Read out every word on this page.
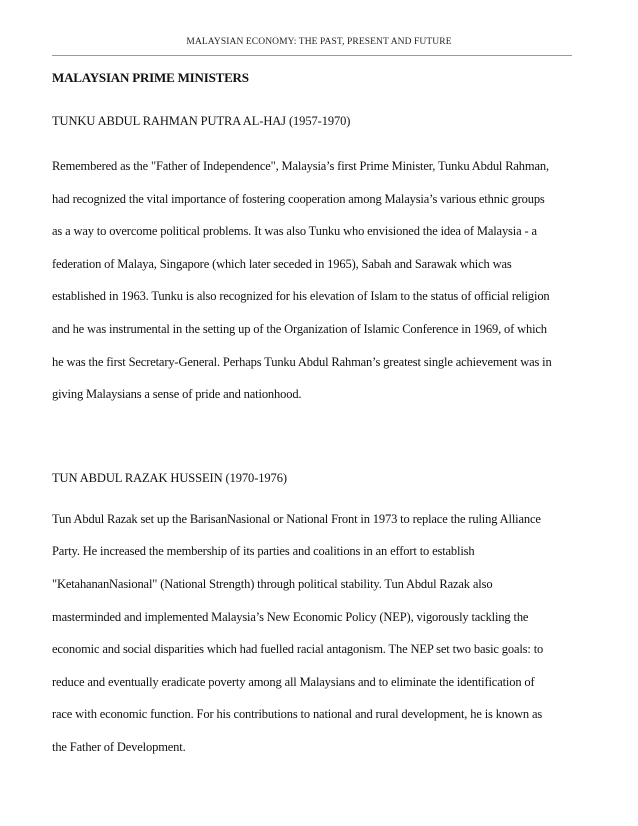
MALAYSIAN ECONOMY: THE PAST, PRESENT AND FUTURE
MALAYSIAN PRIME MINISTERS
TUNKU ABDUL RAHMAN PUTRA AL-HAJ (1957-1970)

Remembered as the "Father of Independence", Malaysia’s first Prime Minister, Tunku Abdul Rahman,
had recognized the vital importance of fostering cooperation among Malaysia’s various ethnic groups
as a way to overcome political problems. It was also Tunku who envisioned the idea of Malaysia - a
federation of Malaya, Singapore (which later seceded in 1965), Sabah and Sarawak which was
established in 1963. Tunku is also recognized for his elevation of Islam to the status of official religion
and he was instrumental in the setting up of the Organization of Islamic Conference in 1969, of which
he was the first Secretary-General. Perhaps Tunku Abdul Rahman’s greatest single achievement was in
giving Malaysians a sense of pride and nationhood.

TUN ABDUL RAZAK HUSSEIN (1970-1976)

Tun Abdul Razak set up the BarisanNasional or National Front in 1973 to replace the ruling Alliance
Party. He increased the membership of its parties and coalitions in an effort to establish
"KetahananNasional" (National Strength) through political stability. Tun Abdul Razak also
masterminded and implemented Malaysia’s New Economic Policy (NEP), vigorously tackling the
economic and social disparities which had fuelled racial antagonism. The NEP set two basic goals: to
reduce and eventually eradicate poverty among all Malaysians and to eliminate the identification of
race with economic function. For his contributions to national and rural development, he is known as
the Father of Development.
